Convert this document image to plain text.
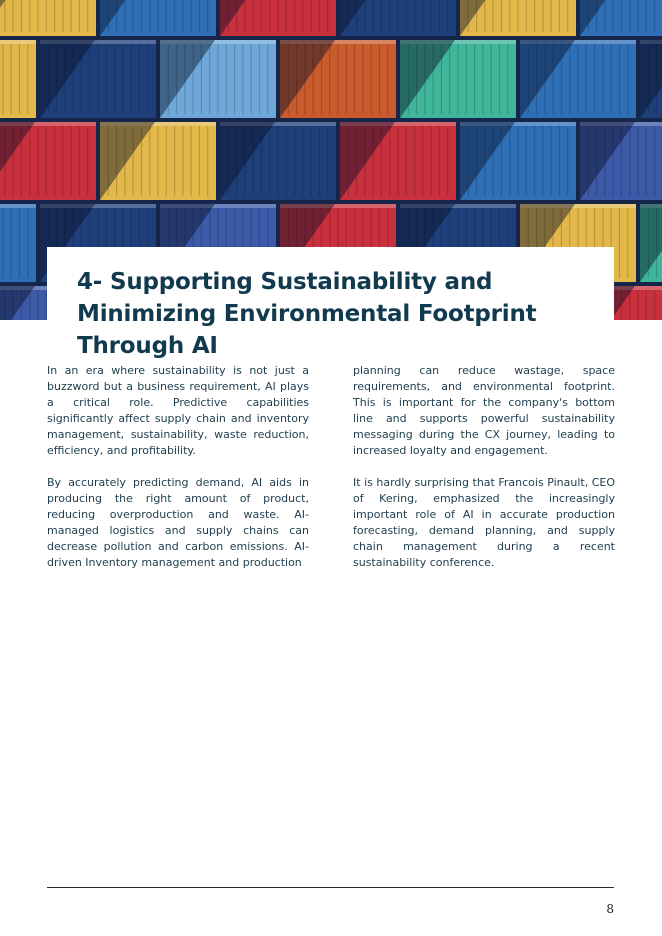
4- Supporting Sustainability and Minimizing Environmental Footprint Through AI

In an era where sustainability is not just a buzzword but a business requirement, AI plays a critical role. Predictive capabilities significantly affect supply chain and inventory management, sustainability, waste reduction, efficiency, and profitability.

By accurately predicting demand, AI aids in producing the right amount of product, reducing overproduction and waste. AI-managed logistics and supply chains can decrease pollution and carbon emissions. AI-driven Inventory management and production

planning can reduce wastage, space requirements, and environmental footprint. This is important for the company's bottom line and supports powerful sustainability messaging during the CX journey, leading to increased loyalty and engagement.

It is hardly surprising that Francois Pinault, CEO of Kering, emphasized the increasingly important role of AI in accurate production forecasting, demand planning, and supply chain management during a recent sustainability conference.

8
